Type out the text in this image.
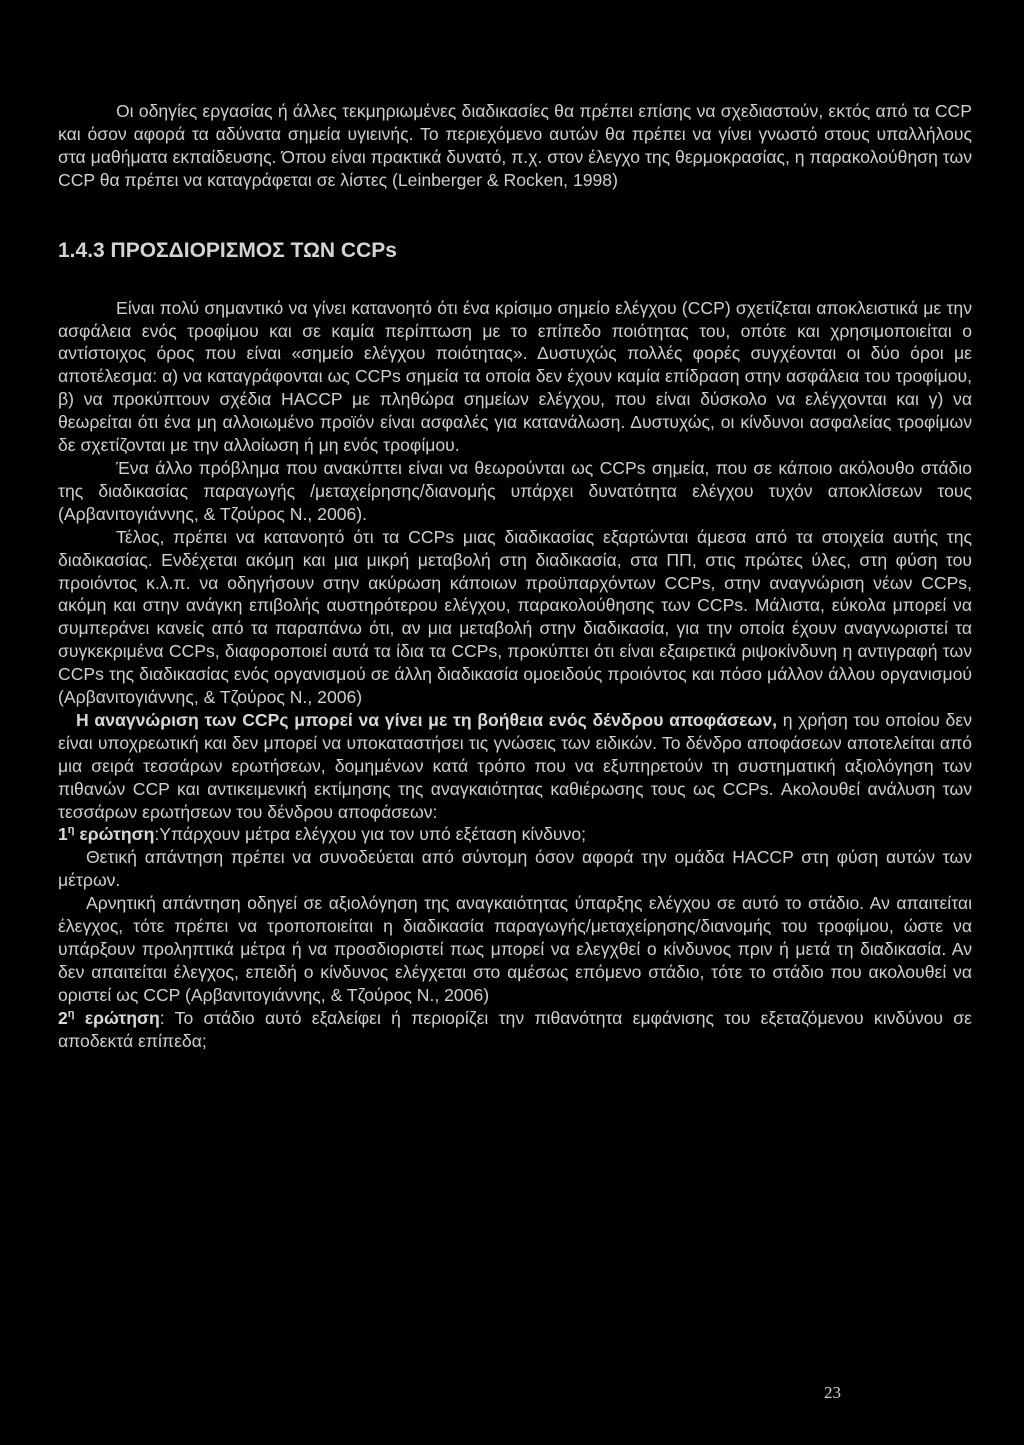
Οι οδηγίες εργασίας ή άλλες τεκμηριωμένες διαδικασίες θα πρέπει επίσης να σχεδιαστούν, εκτός από τα CCP και όσον αφορά τα αδύνατα σημεία υγιεινής. Το περιεχόμενο αυτών θα πρέπει να γίνει γνωστό στους υπαλλήλους στα μαθήματα εκπαίδευσης. Όπου είναι πρακτικά δυνατό, π.χ. στον έλεγχο της θερμοκρασίας, η παρακολούθηση των CCP θα πρέπει να καταγράφεται σε λίστες (Leinberger & Rocken, 1998)

1.4.3 ΠΡΟΣΔΙΟΡΙΣΜΟΣ ΤΩΝ CCPs

Είναι πολύ σημαντικό να γίνει κατανοητό ότι ένα κρίσιμο σημείο ελέγχου (CCP) σχετίζεται αποκλειστικά με την ασφάλεια ενός τροφίμου και σε καμία περίπτωση με το επίπεδο ποιότητας του, οπότε και χρησιμοποιείται ο αντίστοιχος όρος που είναι «σημείο ελέγχου ποιότητας». Δυστυχώς πολλές φορές συγχέονται οι δύο όροι με αποτέλεσμα: α) να καταγράφονται ως CCPs σημεία τα οποία δεν έχουν καμία επίδραση στην ασφάλεια του τροφίμου, β) να προκύπτουν σχέδια HACCP με πληθώρα σημείων ελέγχου, που είναι δύσκολο να ελέγχονται και γ) να θεωρείται ότι ένα μη αλλοιωμένο προϊόν είναι ασφαλές για κατανάλωση. Δυστυχώς, οι κίνδυνοι ασφαλείας τροφίμων δε σχετίζονται με την αλλοίωση ή μη ενός τροφίμου.

Ένα άλλο πρόβλημα που ανακύπτει είναι να θεωρούνται ως CCPs σημεία, που σε κάποιο ακόλουθο στάδιο της διαδικασίας παραγωγής /μεταχείρησης/διανομής υπάρχει δυνατότητα ελέγχου τυχόν αποκλίσεων τους (Αρβανιτογιάννης, & Τζούρος Ν., 2006).

Τέλος, πρέπει να κατανοητό ότι τα CCPs μιας διαδικασίας εξαρτώνται άμεσα από τα στοιχεία αυτής της διαδικασίας. Ενδέχεται ακόμη και μια μικρή μεταβολή στη διαδικασία, στα ΠΠ, στις πρώτες ύλες, στη φύση του προιόντος κ.λ.π. να οδηγήσουν στην ακύρωση κάποιων προϋπαρχόντων CCPs, στην αναγνώριση νέων CCPs, ακόμη και στην ανάγκη επιβολής αυστηρότερου ελέγχου, παρακολούθησης των CCPs. Μάλιστα, εύκολα μπορεί να συμπεράνει κανείς από τα παραπάνω ότι, αν μια μεταβολή στην διαδικασία, για την οποία έχουν αναγνωριστεί τα συγκεκριμένα CCPs, διαφοροποιεί αυτά τα ίδια τα CCPs, προκύπτει ότι είναι εξαιρετικά ριψοκίνδυνη η αντιγραφή των CCPs της διαδικασίας ενός οργανισμού σε άλλη διαδικασία ομοειδούς προιόντος και πόσο μάλλον άλλου οργανισμού (Αρβανιτογιάννης, & Τζούρος Ν., 2006)

Η αναγνώριση των CCPς μπορεί να γίνει με τη βοήθεια ενός δένδρου αποφάσεων, η χρήση του οποίου δεν είναι υποχρεωτική και δεν μπορεί να υποκαταστήσει τις γνώσεις των ειδικών. Το δένδρο αποφάσεων αποτελείται από μια σειρά τεσσάρων ερωτήσεων, δομημένων κατά τρόπο που να εξυπηρετούν τη συστηματική αξιολόγηση των πιθανών CCP και αντικειμενική εκτίμησης της αναγκαιότητας καθιέρωσης τους ως CCPs. Ακολουθεί ανάλυση των τεσσάρων ερωτήσεων του δένδρου αποφάσεων:

$1^\eta$ ερώτηση:Υπάρχουν μέτρα ελέγχου για τον υπό εξέταση κίνδυνο;

Θετική απάντηση πρέπει να συνοδεύεται από σύντομη όσον αφορά την ομάδα HACCP στη φύση αυτών των μέτρων.

Αρνητική απάντηση οδηγεί σε αξιολόγηση της αναγκαιότητας ύπαρξης ελέγχου σε αυτό το στάδιο. Αν απαιτείται έλεγχος, τότε πρέπει να τροποποιείται η διαδικασία παραγωγής/μεταχείρησης/διανομής του τροφίμου, ώστε να υπάρξουν προληπτικά μέτρα ή να προσδιοριστεί πως μπορεί να ελεγχθεί ο κίνδυνος πριν ή μετά τη διαδικασία. Αν δεν απαιτείται έλεγχος, επειδή ο κίνδυνος ελέγχεται στο αμέσως επόμενο στάδιο, τότε το στάδιο που ακολουθεί να οριστεί ως CCP (Αρβανιτογιάννης, & Τζούρος Ν., 2006)

$2^\eta$ ερώτηση: Το στάδιο αυτό εξαλείφει ή περιορίζει την πιθανότητα εμφάνισης του εξεταζόμενου κινδύνου σε αποδεκτά επίπεδα;

23
